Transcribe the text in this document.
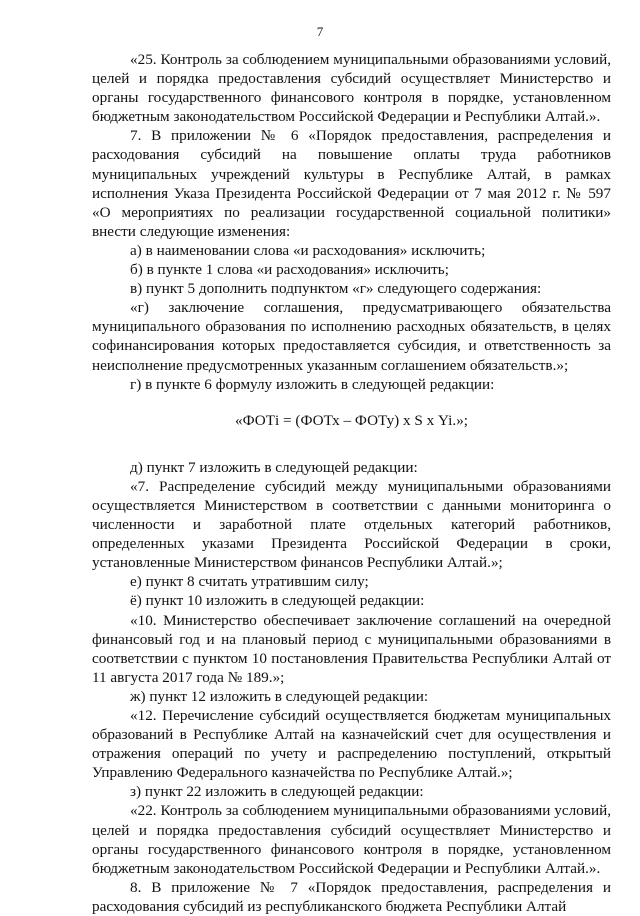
7

«25. Контроль за соблюдением муниципальными образованиями условий, целей и порядка предоставления субсидий осуществляет Министерство и органы государственного финансового контроля в порядке, установленном бюджетным законодательством Российской Федерации и Республики Алтай.».

7. В приложении № 6 «Порядок предоставления, распределения и расходования субсидий на повышение оплаты труда работников муниципальных учреждений культуры в Республике Алтай, в рамках исполнения Указа Президента Российской Федерации от 7 мая 2012 г. № 597 «О мероприятиях по реализации государственной социальной политики» внести следующие изменения:

а) в наименовании слова «и расходования» исключить;

б) в пункте 1 слова «и расходования» исключить;

в) пункт 5 дополнить подпунктом «г» следующего содержания:

«г) заключение соглашения, предусматривающего обязательства муниципального образования по исполнению расходных обязательств, в целях софинансирования которых предоставляется субсидия, и ответственность за неисполнение предусмотренных указанным соглашением обязательств.»;

г) в пункте 6 формулу изложить в следующей редакции:

«ФОТi = (ФОТх – ФОТу) х S х Yi.»;

д) пункт 7 изложить в следующей редакции:

«7. Распределение субсидий между муниципальными образованиями осуществляется Министерством в соответствии с данными мониторинга о численности и заработной плате отдельных категорий работников, определенных указами Президента Российской Федерации в сроки, установленные Министерством финансов Республики Алтай.»;

е) пункт 8 считать утратившим силу;

ё) пункт 10 изложить в следующей редакции:

«10. Министерство обеспечивает заключение соглашений на очередной финансовый год и на плановый период с муниципальными образованиями в соответствии с пунктом 10 постановления Правительства Республики Алтай от 11 августа 2017 года № 189.»;

ж) пункт 12 изложить в следующей редакции:

«12. Перечисление субсидий осуществляется бюджетам муниципальных образований в Республике Алтай на казначейский счет для осуществления и отражения операций по учету и распределению поступлений, открытый Управлению Федерального казначейства по Республике Алтай.»;

з) пункт 22 изложить в следующей редакции:

«22. Контроль за соблюдением муниципальными образованиями условий, целей и порядка предоставления субсидий осуществляет Министерство и органы государственного финансового контроля в порядке, установленном бюджетным законодательством Российской Федерации и Республики Алтай.».

8. В приложение № 7 «Порядок предоставления, распределения и расходования субсидий из республиканского бюджета Республики Алтай
